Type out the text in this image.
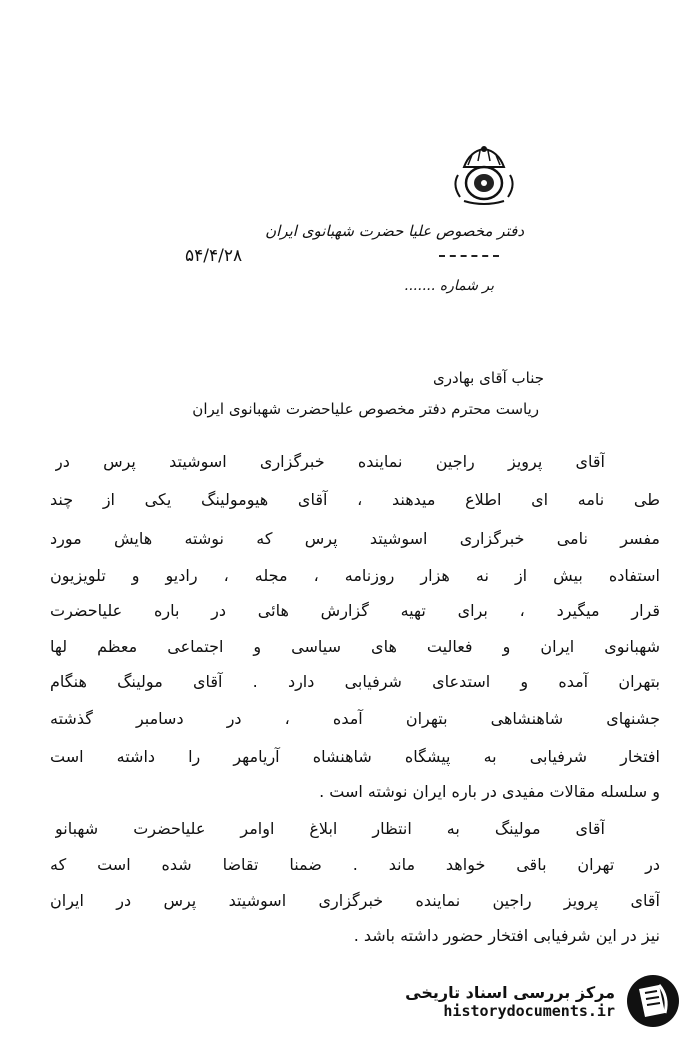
دفتر مخصوص علیا حضرت شهبانوی ایران
بر شماره .......
۵۴/۴/۲۸
جناب آقای بهادری
ریاست محترم دفتر مخصوص علیاحضرت شهبانوی ایران
آقای پرویز راجین نماینده خبرگزاری اسوشیتد پرس در
طی نامه ای اطلاع میدهند ، آقای هیومولینگ یکی از چند
مفسر نامی خبرگزاری اسوشیتد پرس که نوشته هایش مورد
استفاده بیش از نه هزار روزنامه ، مجله ، رادیو و تلویزیون
قرار میگیرد ، برای تهیه گزارش هائی در باره علیاحضرت
شهبانوی ایران و فعالیت های سیاسی و اجتماعی معظم لها
بتهران آمده و استدعای شرفیابی دارد . آقای مولینگ هنگام
جشنهای شاهنشاهی بتهران آمده ، در دسامبر گذشته
افتخار شرفیابی به پیشگاه شاهنشاه آریامهر را داشته است
و سلسله مقالات مفیدی در باره ایران نوشته است .
آقای مولینگ به انتظار ابلاغ اوامر علیاحضرت شهبانو
در تهران باقی خواهد ماند . ضمنا تقاضا شده است که
آقای پرویز راجین نماینده خبرگزاری اسوشیتد پرس در ایران
نیز در این شرفیابی افتخار حضور داشته باشد .
مرکز بررسی اسناد تاریخی
historydocuments.ir
